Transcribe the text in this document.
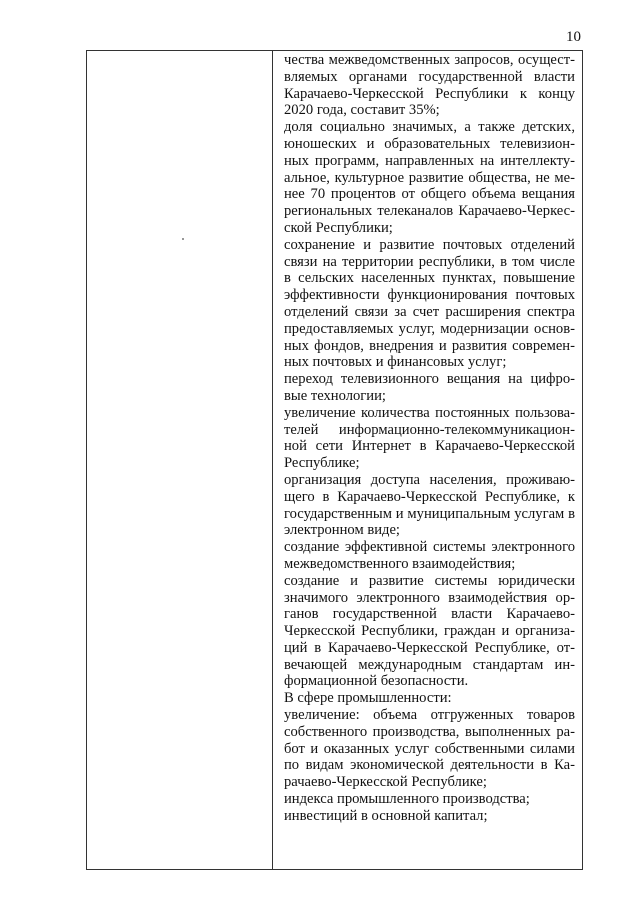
10

чества межведомственных запросов, осуществляемых органами государственной власти Карачаево-Черкесской Республики к концу 2020 года, составит 35%;

доля социально значимых, а также детских, юношеских и образовательных телевизионных программ, направленных на интеллектуальное, культурное развитие общества, не менее 70 процентов от общего объема вещания региональных телеканалов Карачаево-Черкесской Республики;

сохранение и развитие почтовых отделений связи на территории республики, в том числе в сельских населенных пунктах, повышение эффективности функционирования почтовых отделений связи за счет расширения спектра предоставляемых услуг, модернизации основных фондов, внедрения и развития современных почтовых и финансовых услуг;

переход телевизионного вещания на цифровые технологии;

увеличение количества постоянных пользователей информационно-телекоммуникационной сети Интернет в Карачаево-Черкесской Республике;

организация доступа населения, проживающего в Карачаево-Черкесской Республике, к государственным и муниципальным услугам в электронном виде;

создание эффективной системы электронного межведомственного взаимодействия;

создание и развитие системы юридически значимого электронного взаимодействия органов государственной власти Карачаево-Черкесской Республики, граждан и организаций в Карачаево-Черкесской Республике, отвечающей международным стандартам информационной безопасности.

В сфере промышленности:

увеличение: объема отгруженных товаров собственного производства, выполненных работ и оказанных услуг собственными силами по видам экономической деятельности в Карачаево-Черкесской Республике;

индекса промышленного производства;

инвестиций в основной капитал;
